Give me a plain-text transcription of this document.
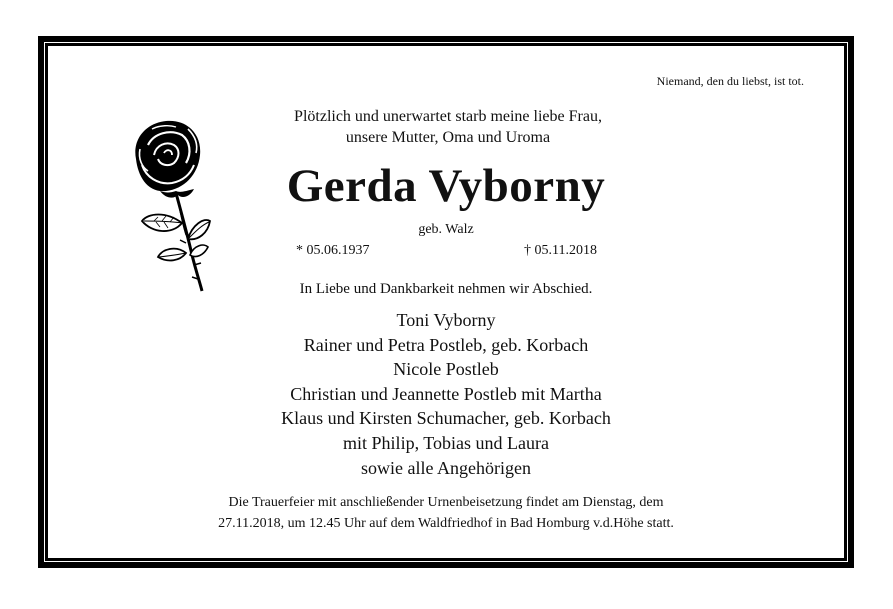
Niemand, den du liebst, ist tot.
Plötzlich und unerwartet starb meine liebe Frau,
unsere Mutter, Oma und Uroma
Gerda Vyborny
geb. Walz
* 05.06.1937	† 05.11.2018
In Liebe und Dankbarkeit nehmen wir Abschied.
Toni Vyborny
Rainer und Petra Postleb, geb. Korbach
Nicole Postleb
Christian und Jeannette Postleb mit Martha
Klaus und Kirsten Schumacher, geb. Korbach
mit Philip, Tobias und Laura
sowie alle Angehörigen
Die Trauerfeier mit anschließender Urnenbeisetzung findet am Dienstag, dem
27.11.2018, um 12.45 Uhr auf dem Waldfriedhof in Bad Homburg v.d.Höhe statt.
